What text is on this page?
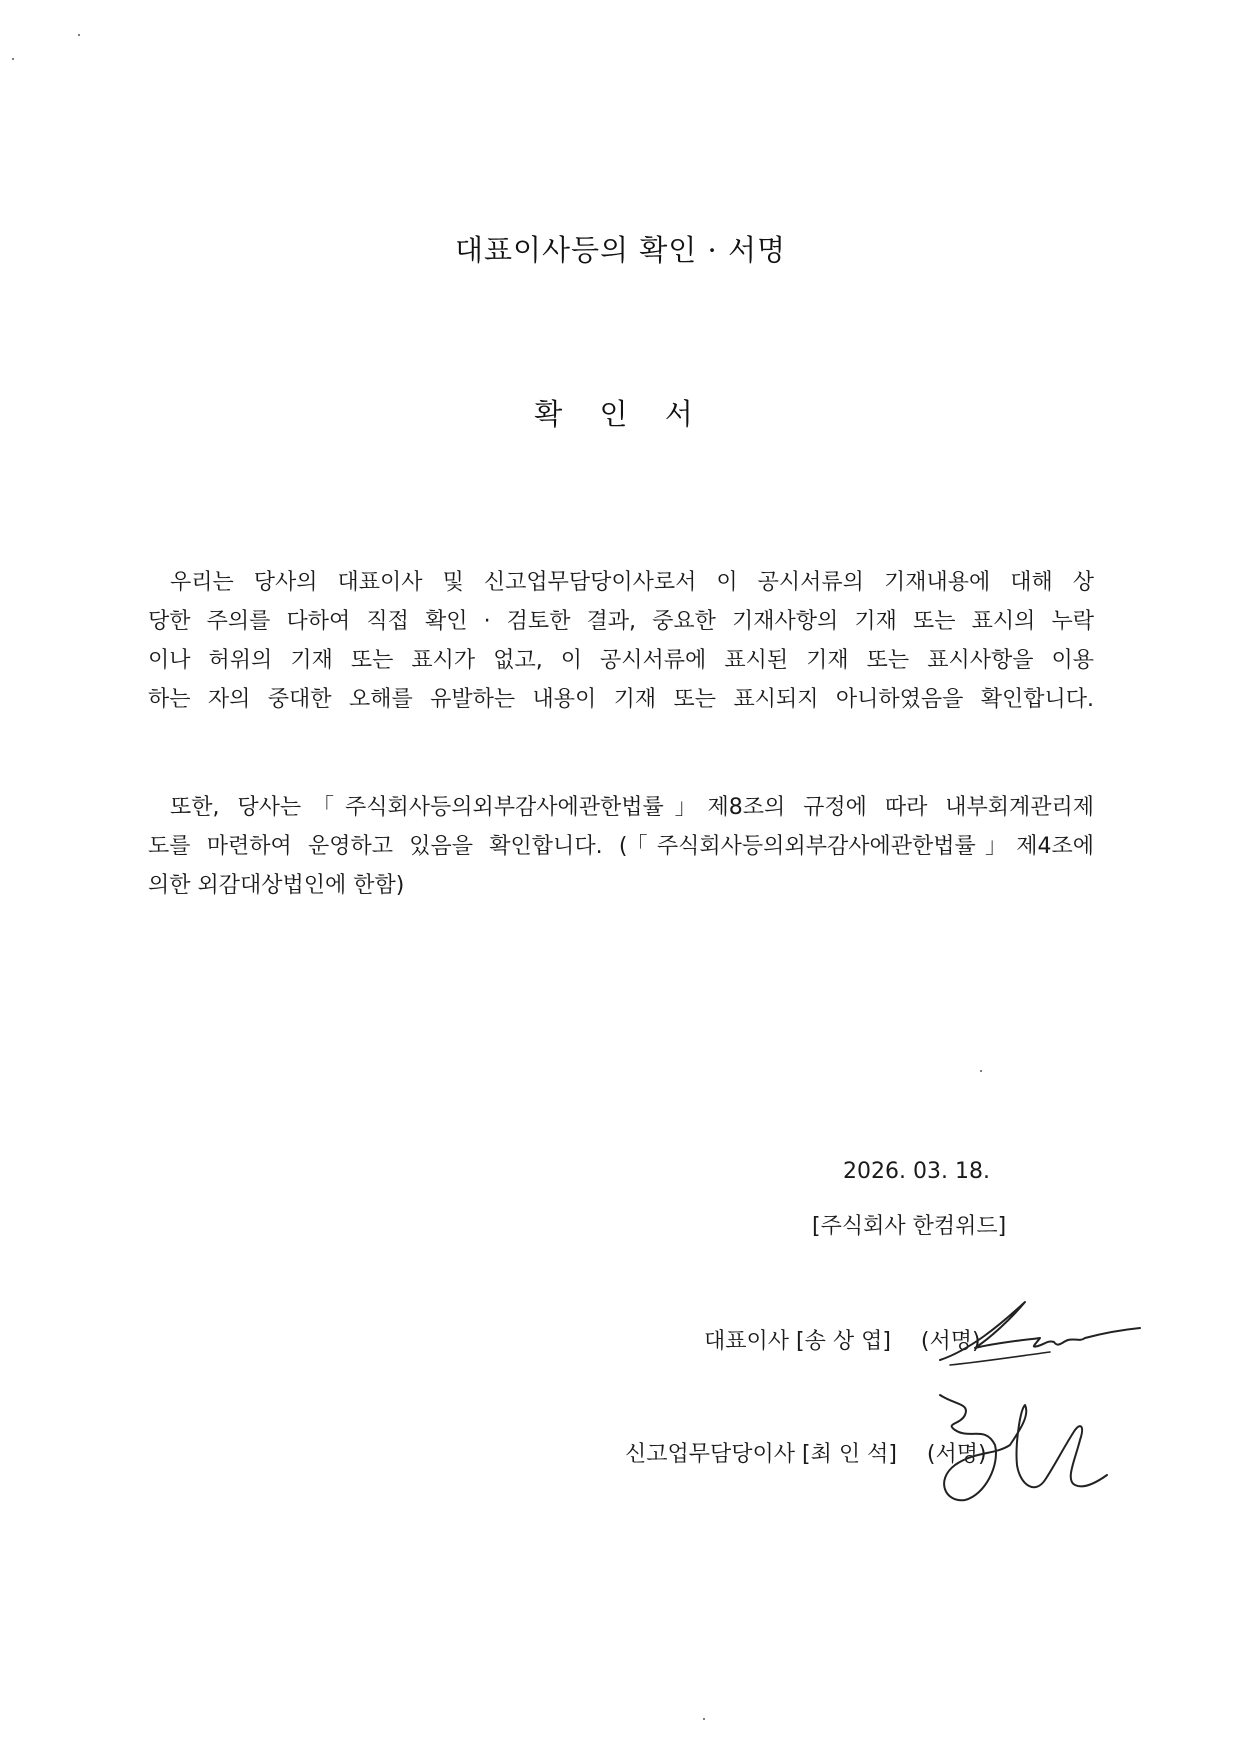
대표이사등의 확인 · 서명
확 인 서
우리는 당사의 대표이사 및 신고업무담당이사로서 이 공시서류의 기재내용에 대해 상
당한 주의를 다하여 직접 확인 · 검토한 결과, 중요한 기재사항의 기재 또는 표시의 누락
이나 허위의 기재 또는 표시가 없고, 이 공시서류에 표시된 기재 또는 표시사항을 이용
하는 자의 중대한 오해를 유발하는 내용이 기재 또는 표시되지 아니하였음을 확인합니다.
또한, 당사는「주식회사등의외부감사에관한법률」제8조의 규정에 따라 내부회계관리제
도를 마련하여 운영하고 있음을 확인합니다. (「주식회사등의외부감사에관한법률」제4조에
의한 외감대상법인에 한함)
2026. 03. 18.
[주식회사 한컴위드]
대표이사 [송 상 엽] (서명)
신고업무담당이사 [최 인 석] (서명)
